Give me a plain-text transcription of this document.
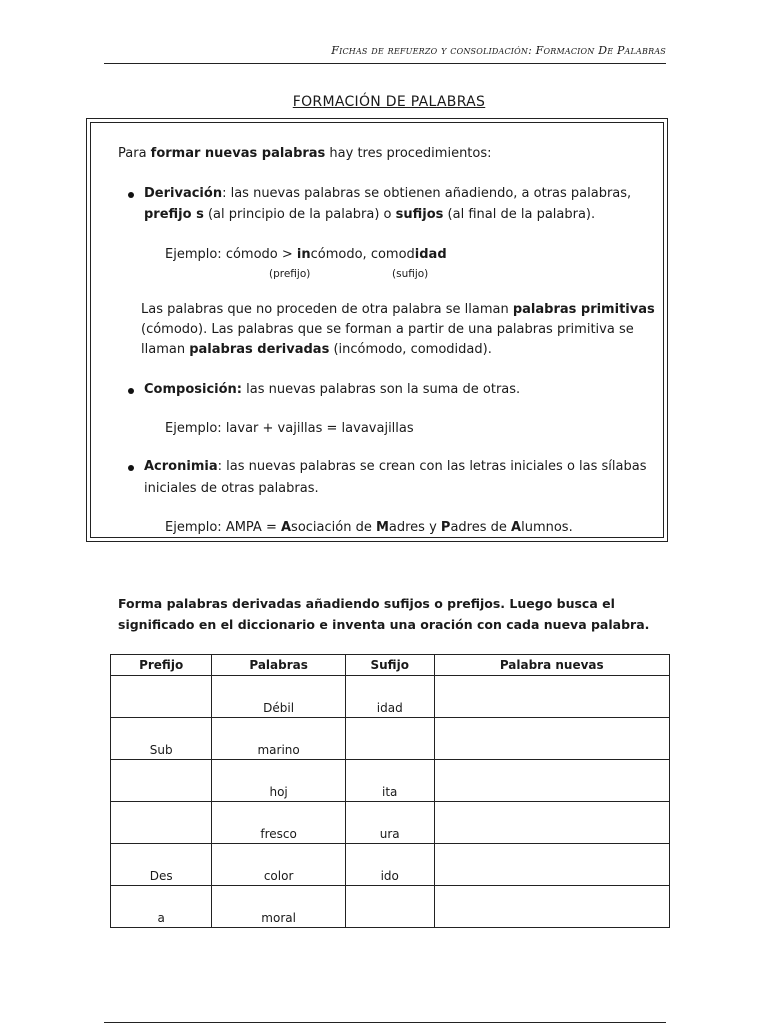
Fichas de refuerzo y consolidación: Formacion De Palabras
FORMACIÓN DE PALABRAS
Para formar nuevas palabras hay tres procedimientos:
Derivación: las nuevas palabras se obtienen añadiendo, a otras palabras,
prefijo s (al principio de la palabra) o sufijos (al final de la palabra).
Ejemplo: cómodo > incómodo, comodidad
(prefijo)	(sufijo)
Las palabras que no proceden de otra palabra se llaman palabras primitivas
(cómodo). Las palabras que se forman a partir de una palabras primitiva se
llaman palabras derivadas (incómodo, comodidad).
Composición: las nuevas palabras son la suma de otras.
Ejemplo: lavar + vajillas = lavavajillas
Acronimia: las nuevas palabras se crean con las letras iniciales o las sílabas
iniciales de otras palabras.
Ejemplo: AMPA = Asociación de Madres y Padres de Alumnos.
Forma palabras derivadas añadiendo sufijos o prefijos. Luego busca el
significado en el diccionario e inventa una oración con cada nueva palabra.
Prefijo	Palabras	Sufijo	Palabra nuevas
	Débil	idad	
Sub	marino		
	hoj	ita	
	fresco	ura	
Des	color	ido	
a	moral		
